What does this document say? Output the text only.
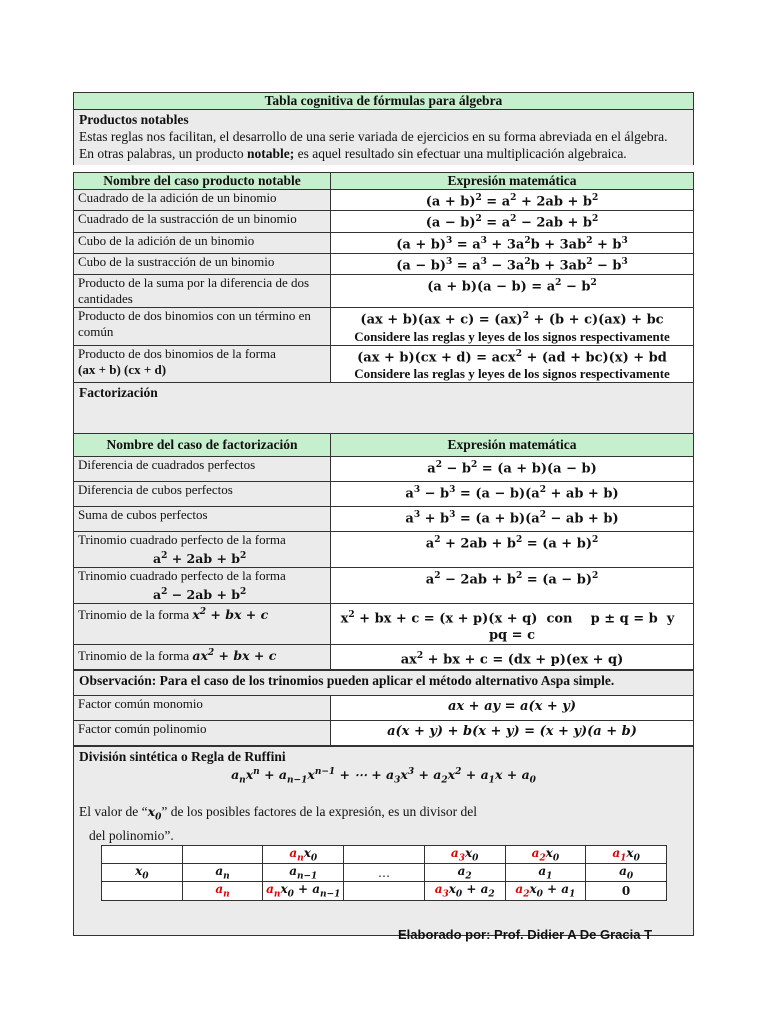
Tabla cognitiva de fórmulas para álgebra
Productos notables
Estas reglas nos facilitan, el desarrollo de una serie variada de ejercicios en su forma abreviada en el álgebra.
En otras palabras, un producto notable; es aquel resultado sin efectuar una multiplicación algebraica.
Nombre del caso producto notable	Expresión matemática
Cuadrado de la adición de un binomio	$(a + b)^2 = a^2 + 2ab + b^2$
Cuadrado de la sustracción de un binomio	$(a - b)^2 = a^2 - 2ab + b^2$
Cubo de la adición de un binomio	$(a + b)^3 = a^3 + 3a^2b + 3ab^2 + b^3$
Cubo de la sustracción de un binomio	$(a - b)^3 = a^3 - 3a^2b + 3ab^2 - b^3$
Producto de la suma por la diferencia de dos cantidades	$(a + b)(a - b) = a^2 - b^2$
Producto de dos binomios con un término en común	(ax + b)(ax + c) = (ax)$^2$ + (b + c)(ax) + bc
Considere las reglas y leyes de los signos respectivamente

Producto de dos binomios de la forma
(ax + b) (cx + d)	(ax + b)(cx + d) = acx$^2$ + (ad + bc)(x) + bd
Considere las reglas y leyes de los signos respectivamente
Factorización
Nombre del caso de factorización	Expresión matemática
Diferencia de cuadrados perfectos	$a^2 - b^2 = (a + b)(a - b)$
Diferencia de cubos perfectos	$a^3 - b^3 = (a - b)(a^2$ + ab + b)
Suma de cubos perfectos	$a^3 + b^3 = (a + b)(a^2$ − ab + b)
Trinomio cuadrado perfecto de la forma
$a^2 + 2ab + b^2$	$a^2 + 2ab + b^2 = (a + b)^2$
Trinomio cuadrado perfecto de la forma
$a^2 - 2ab + b^2$	$a^2 - 2ab + b^2 = (a - b)^2$
Trinomio de la forma $x^2$ + bx + c	$x^2$ + bx + c = (x + p)(x + q)  con    p ± q = b  y   pq = c
Trinomio de la forma $ax^2$ + bx + c	$ax^2$ + bx + c = (dx + p)(ex + q)
Observación: Para el caso de los trinomios pueden aplicar el método alternativo Aspa simple.
Factor común monomio	ax + ay = a(x + y)
Factor común polinomio	a(x + y) + b(x + y) = (x + y)(a + b)
División sintética o Regla de Ruffini
$a_nx^n + a_{n-1}x^{n-1}$ + ⋯ + $a_3x^3 + a_2x^2 + a_1x + a_0$
El valor de “$x_0$” de los posibles factores de la expresión, es un divisor del
del polinomio”.
		$a_nx_0$		$a_3x_0$	$a_2x_0$	$a_1x_0$
$x_0$	$a_n$	$a_{n-1}$	…	$a_2$	$a_1$	$a_0$
	$a_n$	$a_nx_0 + a_{n-1}$		$a_3x_0 + a_2$	$a_2x_0 + a_1$	0
Elaborado por: Prof. Didier A De Gracia T
